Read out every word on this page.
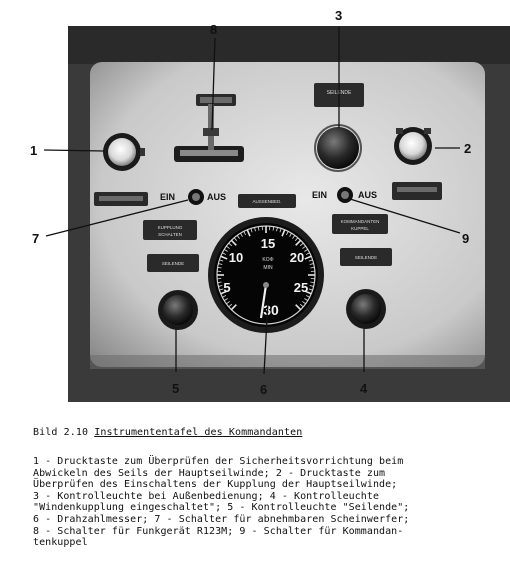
SEILENDE
KUPPLUNG
SCHALTEN
SEILENDE
KOMMANDANTEN
KUPPEL
SEILENDE
AUSSENBED.
EIN	AUS	EIN	AUS
15
10	20
5	25
30
KOΦ
MIN
1	2
3
4
5	6
7
8
9
Bild 2.10 Instrumententafel des Kommandanten
1 - Drucktaste zum Überprüfen der Sicherheitsvorrichtung beim
Abwickeln des Seils der Hauptseilwinde; 2 - Drucktaste zum
Überprüfen des Einschaltens der Kupplung der Hauptseilwinde;
3 - Kontrolleuchte bei Außenbedienung; 4 - Kontrolleuchte
"Windenkupplung eingeschaltet"; 5 - Kontrolleuchte "Seilende";
6 - Drahzahlmesser; 7 - Schalter für abnehmbaren Scheinwerfer;
8 - Schalter für Funkgerät R123M; 9 - Schalter für Kommandan-
tenkuppel
